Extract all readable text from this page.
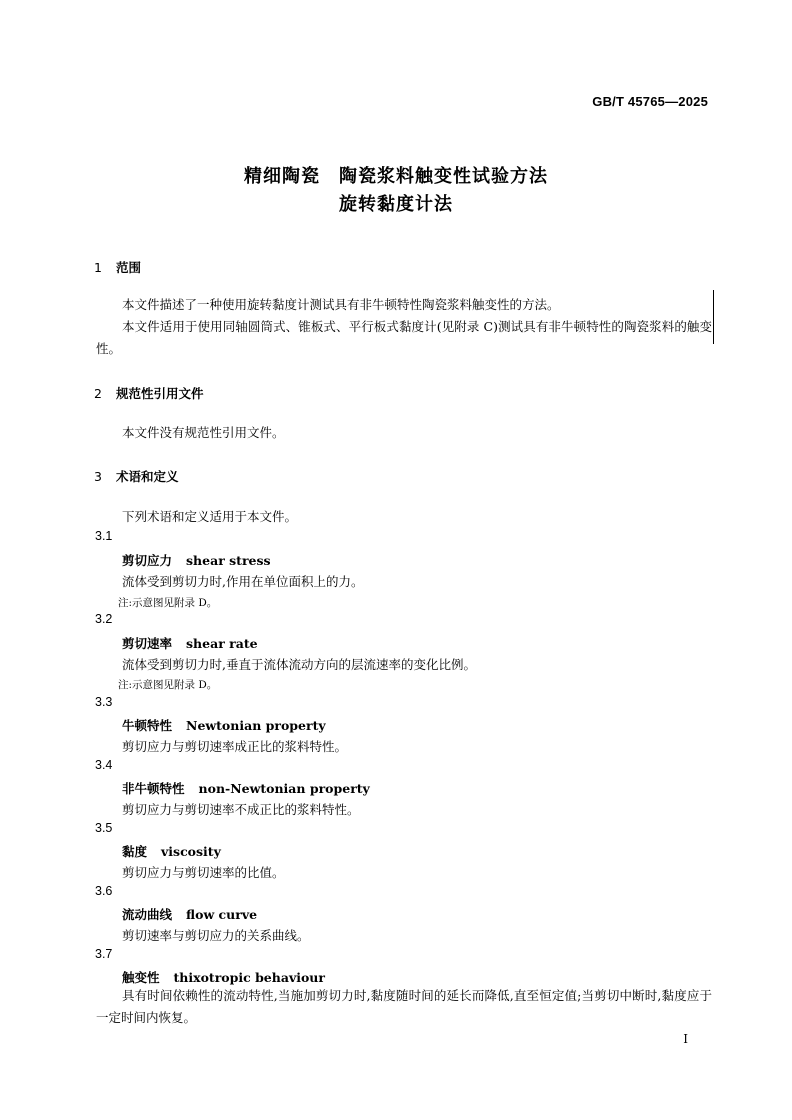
GB/T 45765—2025
精细陶瓷　陶瓷浆料触变性试验方法
旋转黏度计法
1 范围
本文件描述了一种使用旋转黏度计测试具有非牛顿特性陶瓷浆料触变性的方法。
本文件适用于使用同轴圆筒式、锥板式、平行板式黏度计(见附录 C)测试具有非牛顿特性的陶瓷浆料的触变性。
2 规范性引用文件
本文件没有规范性引用文件。
3 术语和定义
下列术语和定义适用于本文件。
3.1
剪切应力 shear stress
流体受到剪切力时,作用在单位面积上的力。
注:示意图见附录 D。
3.2
剪切速率 shear rate
流体受到剪切力时,垂直于流体流动方向的层流速率的变化比例。
注:示意图见附录 D。
3.3
牛顿特性 Newtonian property
剪切应力与剪切速率成正比的浆料特性。
3.4
非牛顿特性 non-Newtonian property
剪切应力与剪切速率不成正比的浆料特性。
3.5
黏度 viscosity
剪切应力与剪切速率的比值。
3.6
流动曲线 flow curve
剪切速率与剪切应力的关系曲线。
3.7
触变性 thixotropic behaviour
具有时间依赖性的流动特性,当施加剪切力时,黏度随时间的延长而降低,直至恒定值;当剪切中断时,黏度应于一定时间内恢复。
I
